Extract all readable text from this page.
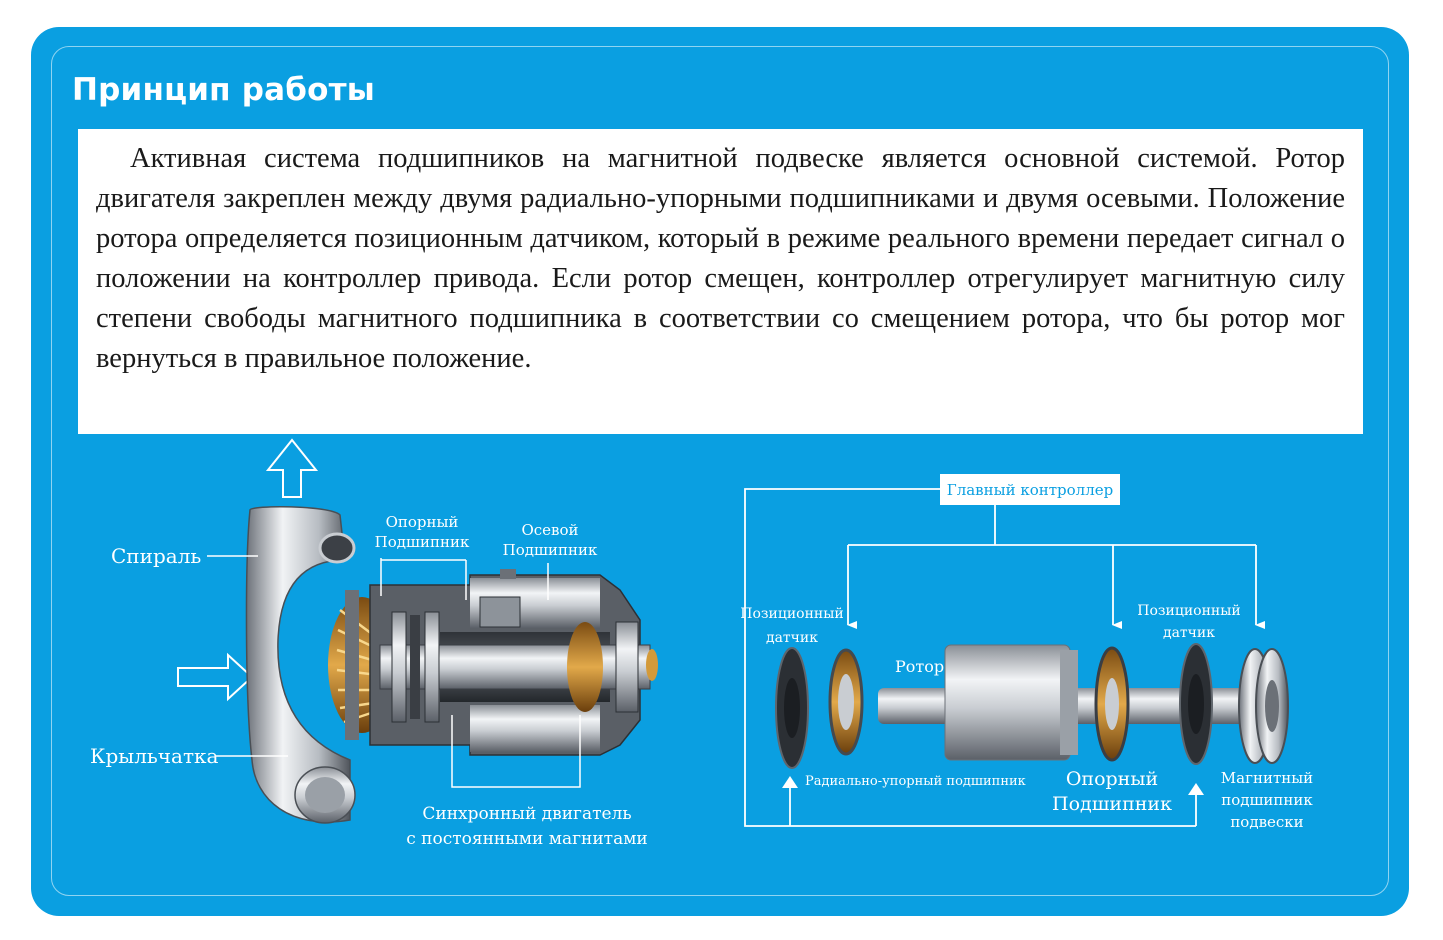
Принцип работы

Активная система подшипников на магнитной подвеске является основной системой. Ротор двигателя закреплен между двумя радиально-упорными подшипниками и двумя осевыми. Положение ротора определяется позиционным датчиком, который в режиме реального времени передает сигнал о положении на контроллер привода. Если ротор смещен, контроллер отрегулирует магнитную силу степени свободы магнитного подшипника в соответствии со смещением ротора, что бы ротор мог вернуться в правильное положение.

Спираль
Крыльчатка
Опорный
Подшипник
Осевой
Подшипник
Синхронный двигатель
с постоянными магнитами
Главный контроллер
Позиционный
датчик
Позиционный
датчик
Ротор
Радиально-упорный подшипник	Опорный
Подшипник
Магнитный
подшипник
подвески
